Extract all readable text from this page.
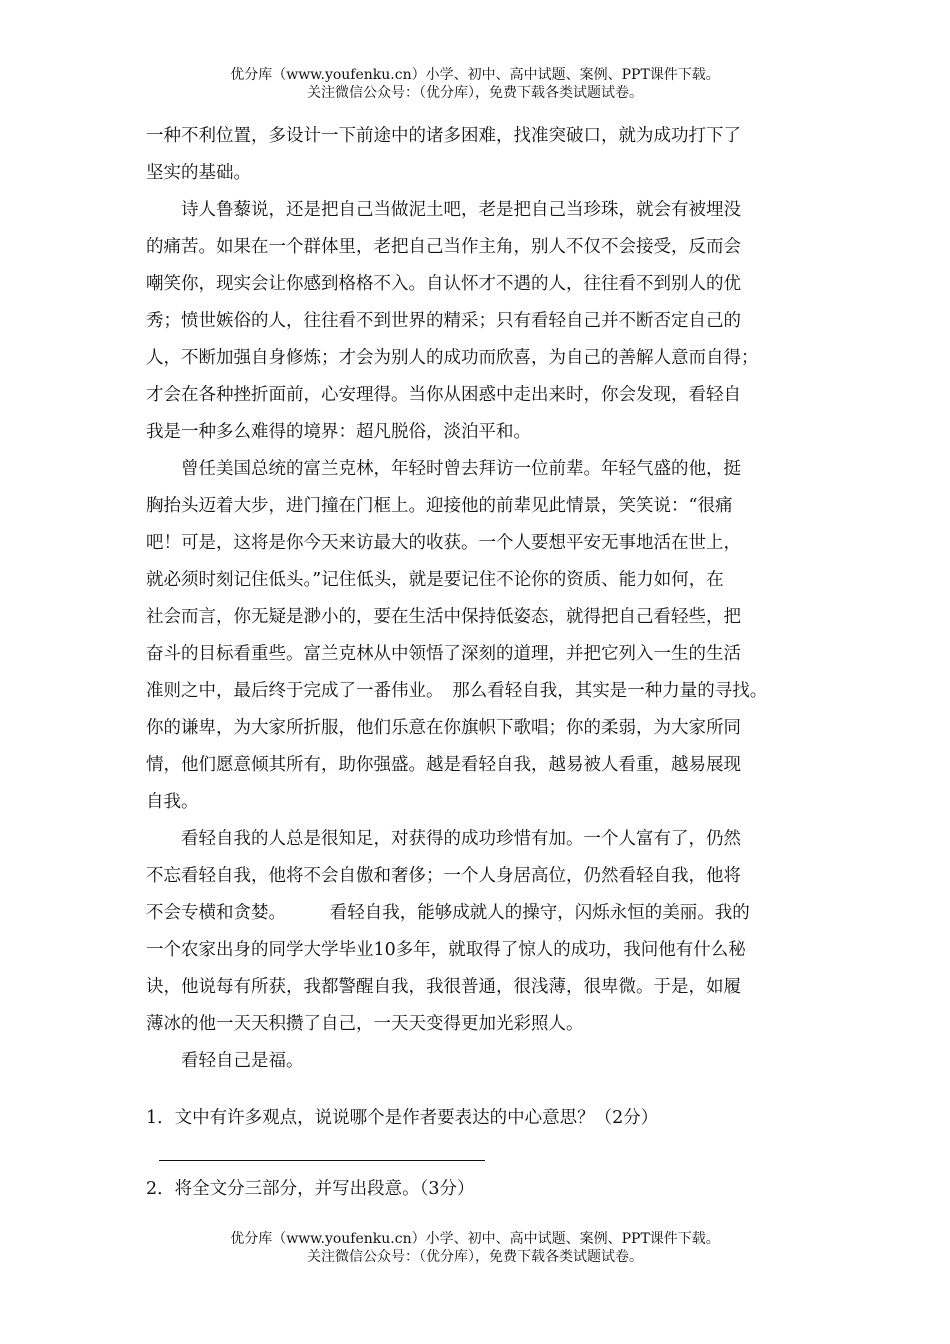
优分库（www.youfenku.cn）小学、初中、高中试题、案例、PPT课件下载。
关注微信公众号：（优分库），免费下载各类试题试卷。
一种不利位置，多设计一下前途中的诸多困难，找准突破口，就为成功打下了
坚实的基础。
　　诗人鲁藜说，还是把自己当做泥土吧，老是把自己当珍珠，就会有被埋没
的痛苦。如果在一个群体里，老把自己当作主角，别人不仅不会接受，反而会
嘲笑你，现实会让你感到格格不入。自认怀才不遇的人，往往看不到别人的优
秀；愤世嫉俗的人，往往看不到世界的精采；只有看轻自己并不断否定自己的
人，不断加强自身修炼；才会为别人的成功而欣喜，为自己的善解人意而自得；
才会在各种挫折面前，心安理得。当你从困惑中走出来时，你会发现，看轻自
我是一种多么难得的境界：超凡脱俗，淡泊平和。
　　曾任美国总统的富兰克林，年轻时曾去拜访一位前辈。年轻气盛的他，挺
胸抬头迈着大步，进门撞在门框上。迎接他的前辈见此情景，笑笑说：“很痛
吧！可是，这将是你今天来访最大的收获。一个人要想平安无事地活在世上，
就必须时刻记住低头。”记住低头，就是要记住不论你的资质、能力如何，在
社会而言，你无疑是渺小的，要在生活中保持低姿态，就得把自己看轻些，把
奋斗的目标看重些。富兰克林从中领悟了深刻的道理，并把它列入一生的生活
准则之中，最后终于完成了一番伟业。　那么看轻自我，其实是一种力量的寻找。
你的谦卑，为大家所折服，他们乐意在你旗帜下歌唱；你的柔弱，为大家所同
情，他们愿意倾其所有，助你强盛。越是看轻自我，越易被人看重，越易展现
自我。
　　看轻自我的人总是很知足，对获得的成功珍惜有加。一个人富有了，仍然
不忘看轻自我，他将不会自傲和奢侈；一个人身居高位，仍然看轻自我，他将
不会专横和贪婪。　　　看轻自我，能够成就人的操守，闪烁永恒的美丽。我的
一个农家出身的同学大学毕业10多年，就取得了惊人的成功，我问他有什么秘
诀，他说每有所获，我都警醒自我，我很普通，很浅薄，很卑微。于是，如履
薄冰的他一天天积攒了自己，一天天变得更加光彩照人。
　　看轻自己是福。
1．文中有许多观点，说说哪个是作者要表达的中心意思？（2分）
2．将全文分三部分，并写出段意。（3分）
优分库（www.youfenku.cn）小学、初中、高中试题、案例、PPT课件下载。
关注微信公众号：（优分库），免费下载各类试题试卷。
